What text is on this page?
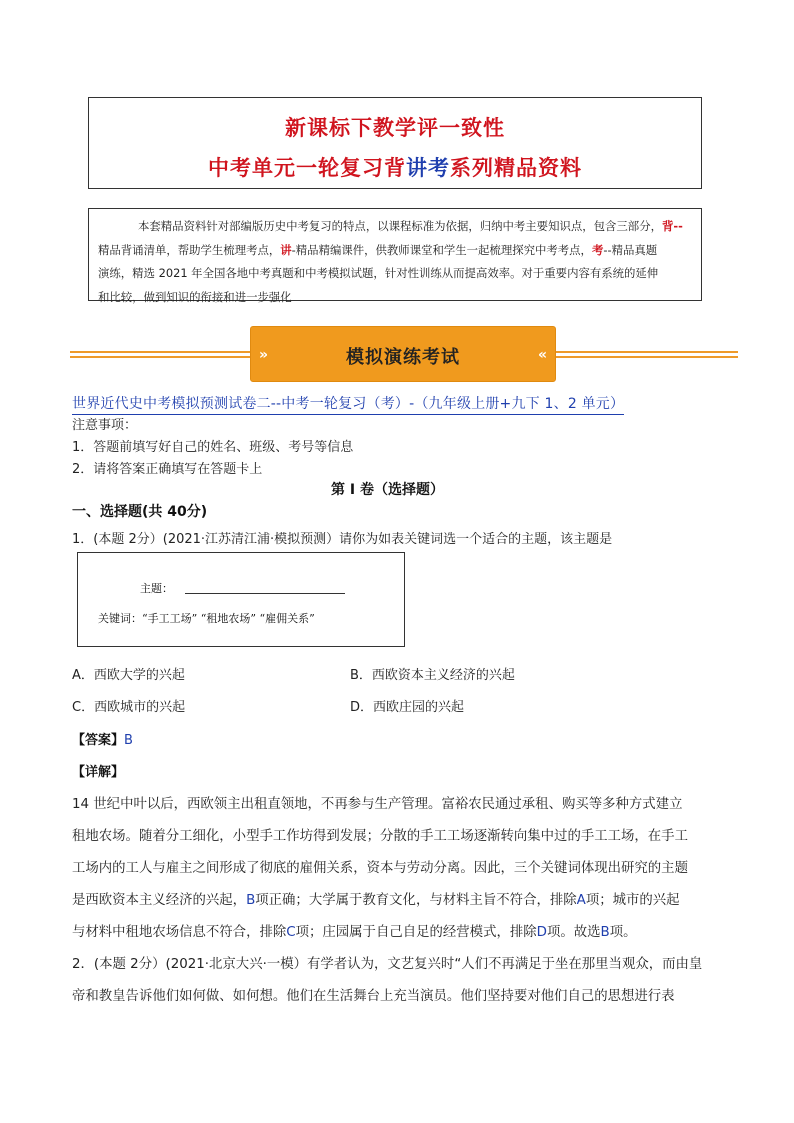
新课标下教学评一致性
中考单元一轮复习背讲考系列精品资料
本套精品资料针对部编版历史中考复习的特点，以课程标准为依据，归纳中考主要知识点，包含三部分，背--
精品背诵清单，帮助学生梳理考点，讲-精品精编课件，供教师课堂和学生一起梳理探究中考考点，考--精品真题
演练，精选 2021 年全国各地中考真题和中考模拟试题，针对性训练从而提高效率。对于重要内容有系统的延伸
和比较，做到知识的衔接和进一步强化
»	模拟演练考试	«
世界近代史中考模拟预测试卷二--中考一轮复习（考）-（九年级上册+九下 1、2 单元）
注意事项：
1．答题前填写好自己的姓名、班级、考号等信息
2．请将答案正确填写在答题卡上
第 I 卷（选择题）
一、选择题(共 40分)
1．(本题 2分）(2021·江苏清江浦·模拟预测）请你为如表关键词选一个适合的主题，该主题是
主题：
关键词：“手工工场” “租地农场” “雇佣关系”
A．西欧大学的兴起	B．西欧资本主义经济的兴起
C．西欧城市的兴起	D．西欧庄园的兴起
【答案】B
【详解】
14 世纪中叶以后，西欧领主出租直领地，不再参与生产管理。富裕农民通过承租、购买等多种方式建立
租地农场。随着分工细化，小型手工作坊得到发展；分散的手工工场逐渐转向集中过的手工工场，在手工
工场内的工人与雇主之间形成了彻底的雇佣关系，资本与劳动分离。因此，三个关键词体现出研究的主题
是西欧资本主义经济的兴起，B项正确；大学属于教育文化，与材料主旨不符合，排除A项；城市的兴起
与材料中租地农场信息不符合，排除C项；庄园属于自己自足的经营模式，排除D项。故选B项。
2．(本题 2分）(2021·北京大兴·一模）有学者认为，文艺复兴时“人们不再满足于坐在那里当观众，而由皇
帝和教皇告诉他们如何做、如何想。他们在生活舞台上充当演员。他们坚持要对他们自己的思想进行表
